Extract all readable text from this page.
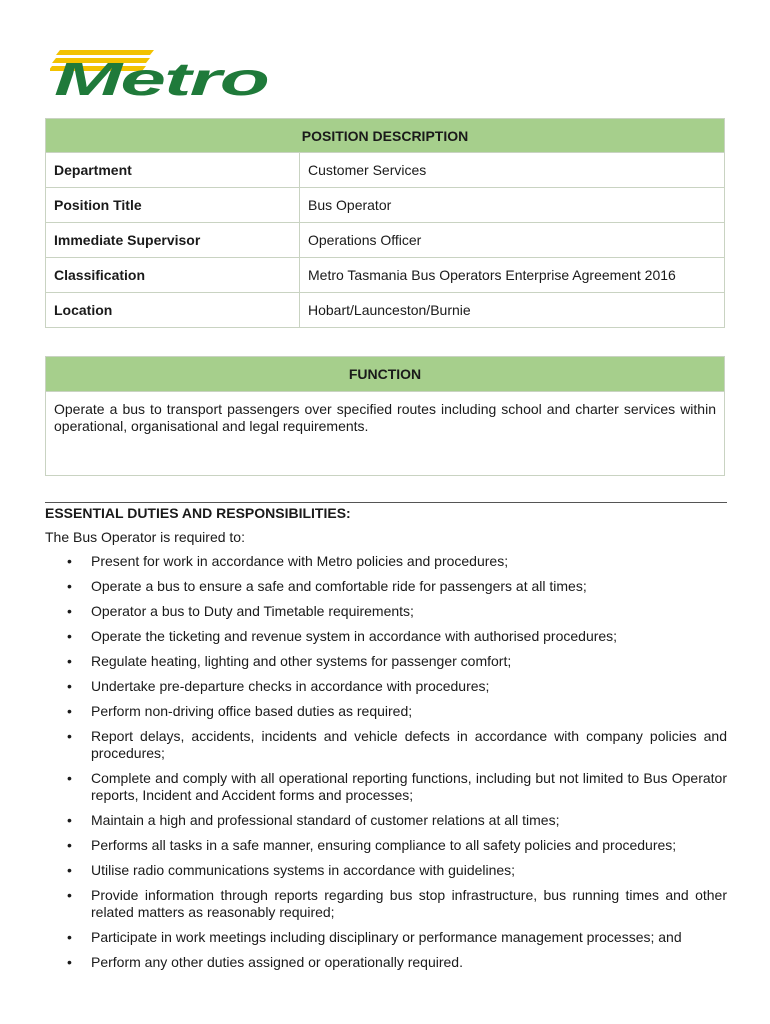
Metro
POSITION DESCRIPTION	
Department	Customer Services
Position Title	Bus Operator
Immediate Supervisor	Operations Officer
Classification	Metro Tasmania Bus Operators Enterprise Agreement 2016
Location	Hobart/Launceston/Burnie
FUNCTION
Operate a bus to transport passengers over specified routes including school and charter services within operational, organisational and legal requirements.
ESSENTIAL DUTIES AND RESPONSIBILITIES:
The Bus Operator is required to:
• Present for work in accordance with Metro policies and procedures;
• Operate a bus to ensure a safe and comfortable ride for passengers at all times;
• Operator a bus to Duty and Timetable requirements;
• Operate the ticketing and revenue system in accordance with authorised procedures;
• Regulate heating, lighting and other systems for passenger comfort;
• Undertake pre-departure checks in accordance with procedures;
• Perform non-driving office based duties as required;
• Report delays, accidents, incidents and vehicle defects in accordance with company policies and procedures;
• Complete and comply with all operational reporting functions, including but not limited to Bus Operator reports, Incident and Accident forms and processes;
• Maintain a high and professional standard of customer relations at all times;
• Performs all tasks in a safe manner, ensuring compliance to all safety policies and procedures;
• Utilise radio communications systems in accordance with guidelines;
• Provide information through reports regarding bus stop infrastructure, bus running times and other related matters as reasonably required;
• Participate in work meetings including disciplinary or performance management processes; and
• Perform any other duties assigned or operationally required.
